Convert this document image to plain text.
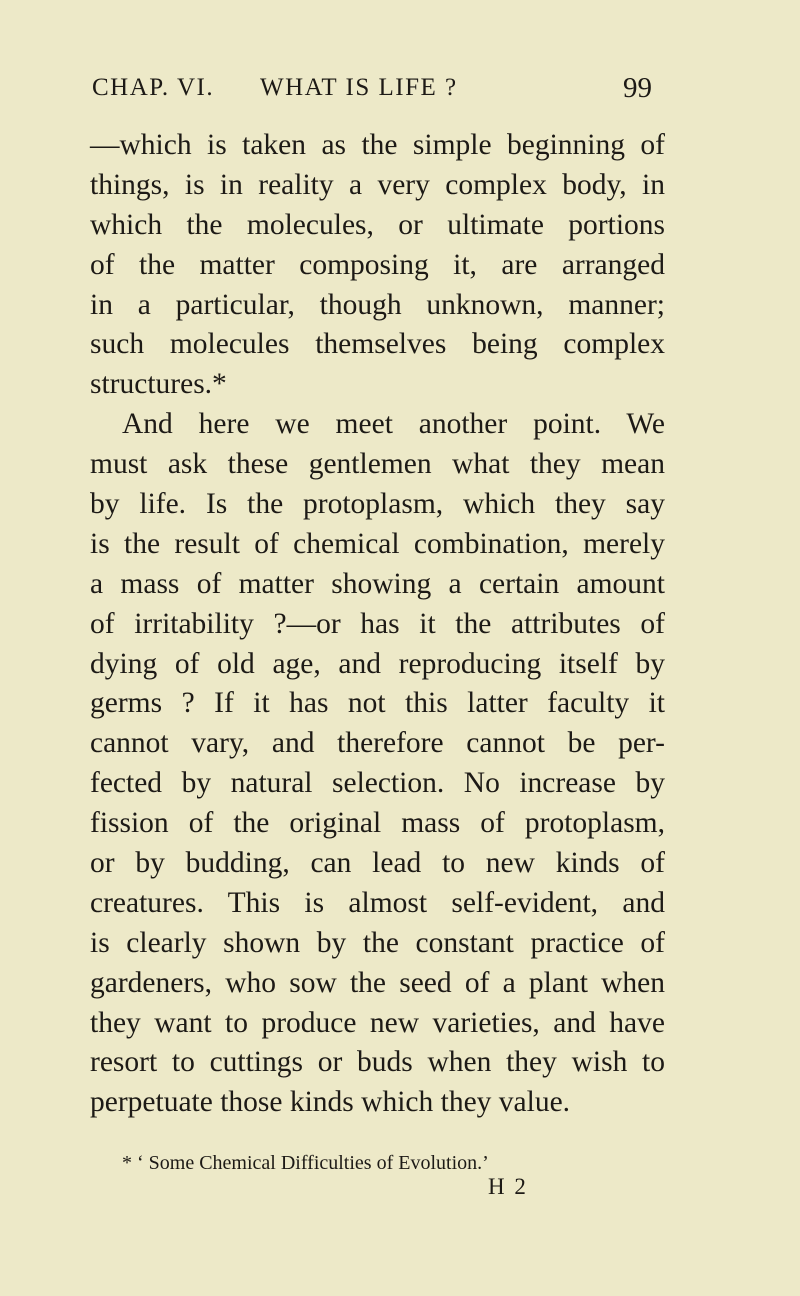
CHAP. VI. WHAT IS LIFE ?	99
—which is taken as the simple beginning of
things, is in reality a very complex body, in
which the molecules, or ultimate portions
of the matter composing it, are arranged
in a particular, though unknown, manner;
such molecules themselves being complex
structures.*
And here we meet another point. We
must ask these gentlemen what they mean
by life. Is the protoplasm, which they say
is the result of chemical combination, merely
a mass of matter showing a certain amount
of irritability ?—or has it the attributes of
dying of old age, and reproducing itself by
germs ? If it has not this latter faculty it
cannot vary, and therefore cannot be per-
fected by natural selection. No increase by
fission of the original mass of protoplasm,
or by budding, can lead to new kinds of
creatures. This is almost self-evident, and
is clearly shown by the constant practice of
gardeners, who sow the seed of a plant when
they want to produce new varieties, and have
resort to cuttings or buds when they wish to
perpetuate those kinds which they value.
* ‘ Some Chemical Difficulties of Evolution.’
H 2
